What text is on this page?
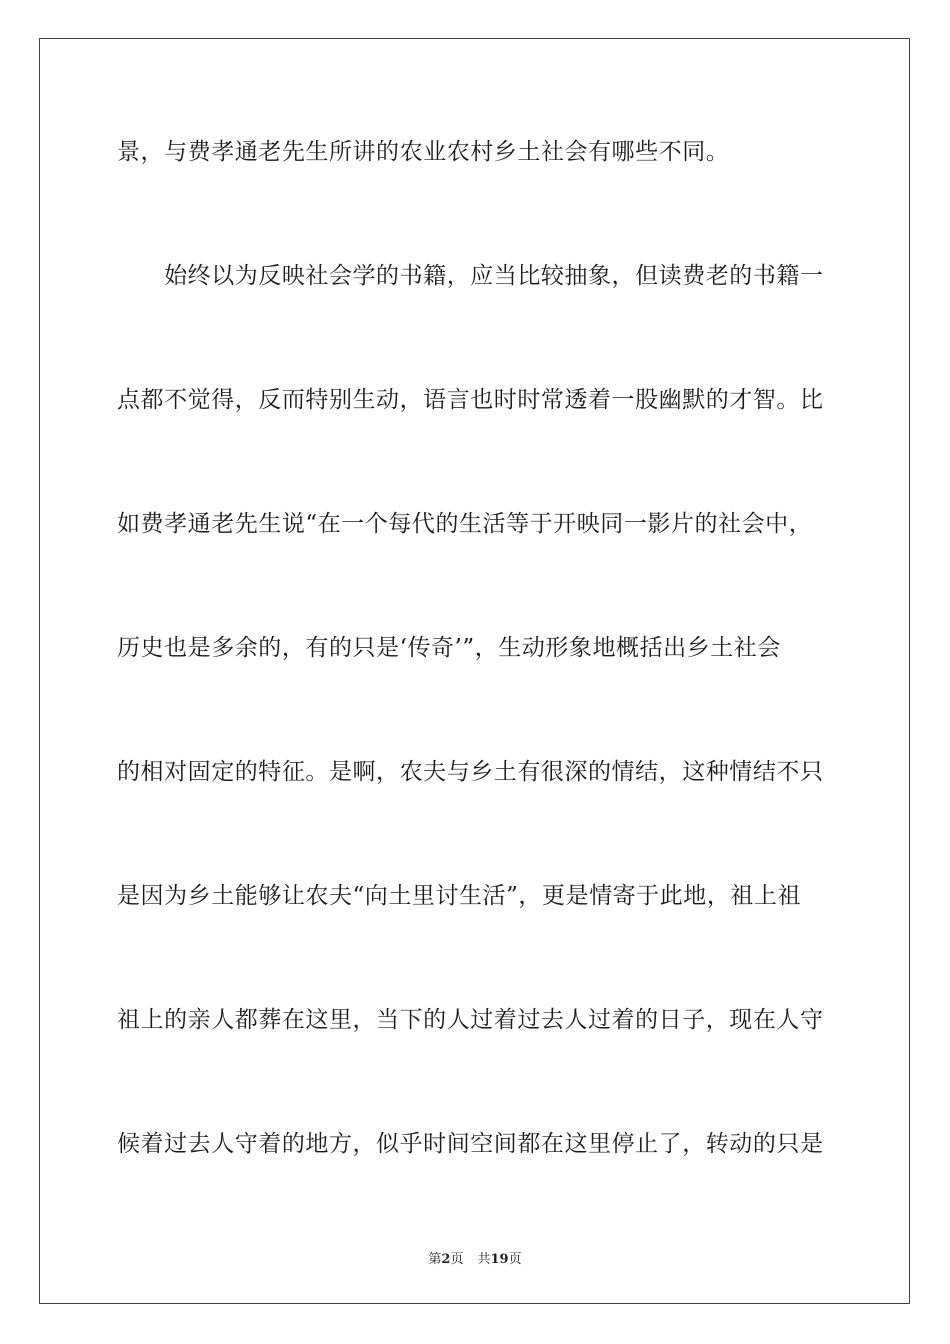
景，与费孝通老先生所讲的农业农村乡土社会有哪些不同。
　　始终以为反映社会学的书籍，应当比较抽象，但读费老的书籍一
点都不觉得，反而特别生动，语言也时时常透着一股幽默的才智。比
如费孝通老先生说“在一个每代的生活等于开映同一影片的社会中，
历史也是多余的，有的只是‘传奇’”，生动形象地概括出乡土社会
的相对固定的特征。是啊，农夫与乡土有很深的情结，这种情结不只
是因为乡土能够让农夫“向土里讨生活”，更是情寄于此地，祖上祖
祖上的亲人都葬在这里，当下的人过着过去人过着的日子，现在人守
候着过去人守着的地方，似乎时间空间都在这里停止了，转动的只是
第2页 共19页
